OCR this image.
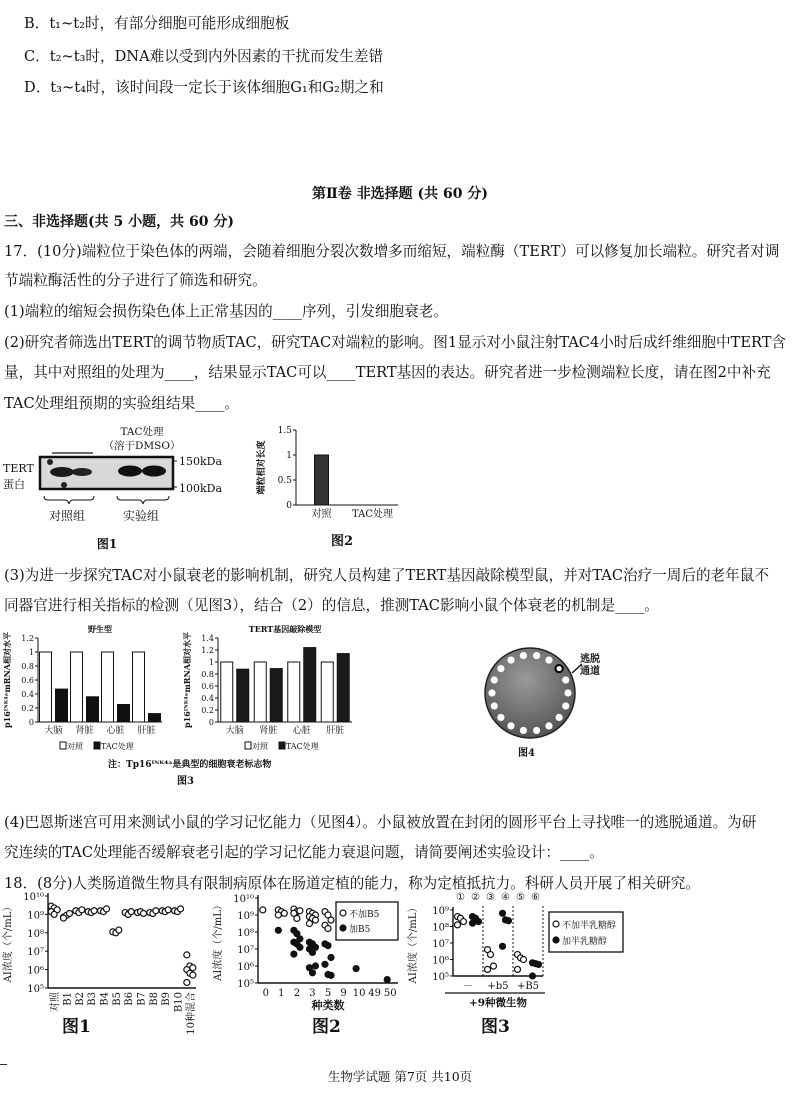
B．t₁~t₂时，有部分细胞可能形成细胞板
C．t₂~t₃时，DNA难以受到内外因素的干扰而发生差错
D．t₃~t₄时，该时间段一定长于该体细胞G₁和G₂期之和
第Ⅱ卷 非选择题 (共 60 分)
三、非选择题(共 5 小题，共 60 分)
17．(10分)端粒位于染色体的两端，会随着细胞分裂次数增多而缩短，端粒酶（TERT）可以修复加长端粒。研究者对调
节端粒酶活性的分子进行了筛选和研究。
(1)端粒的缩短会损伤染色体上正常基因的____序列，引发细胞衰老。
(2)研究者筛选出TERT的调节物质TAC，研究TAC对端粒的影响。图1显示对小鼠注射TAC4小时后成纤维细胞中TERT含
量，其中对照组的处理为____，结果显示TAC可以____TERT基因的表达。研究者进一步检测端粒长度，请在图2中补充
TAC处理组预期的实验组结果____。
TERT
蛋白
TAC处理
（溶于DMSO）
150kDa
100kDa
对照组	实验组
图1
0
0.5
1
1.5
对照 TAC处理
端粒相对长度
图2
(3)为进一步探究TAC对小鼠衰老的影响机制，研究人员构建了TERT基因敲除模型鼠，并对TAC治疗一周后的老年鼠不
同器官进行相关指标的检测（见图3），结合（2）的信息，推测TAC影响小鼠个体衰老的机制是____。
0
0.2
0.4
0.6
0.8
1
1.2
大脑 肾脏 心脏 肝脏
野生型
p16ᴵᴺᴷ⁴ᵃmRNA相对水平
对照 TAC处理
0
0.2
0.4
0.6
0.8
1
1.2
1.4
大脑 肾脏 心脏 肝脏
TERT基因敲除模型
p16ᴵᴺᴷ⁴ᵃmRNA相对水平
对照 TAC处理
注：Tp16ᴵᴺᴷ⁴ᵃ是典型的细胞衰老标志物
图3
逃脱
通道
图4
(4)巴恩斯迷宫可用来测试小鼠的学习记忆能力（见图4）。小鼠被放置在封闭的圆形平台上寻找唯一的逃脱通道。为研
究连续的TAC处理能否缓解衰老引起的学习记忆能力衰退问题，请简要阐述实验设计：____。
18．(8分)人类肠道微生物具有限制病原体在肠道定植的能力，称为定植抵抗力。科研人员开展了相关研究。
10⁵
10⁶
10⁷
10⁸
10⁹
10¹⁰
AI浓度（个/mL）
对照 B1 B2 B3 B4 B5 B6 B7 B8 B9 B10 10种混合
10⁵
10⁶
10⁷
10⁸
10⁹
10¹⁰
AI浓度（个/mL）
0 1 2 3 5 9 10 49 50
种类数
不加B5
加B5
10⁵
10⁶
10⁷
10⁸
10⁹
AI浓度（个/mL）
① ② ③ ④ ⑤ ⑥
－ +b5 +B5
+9种微生物
不加半乳糖醇
加半乳糖醇
图1	图2	图3
生物学试题 第7页 共10页
